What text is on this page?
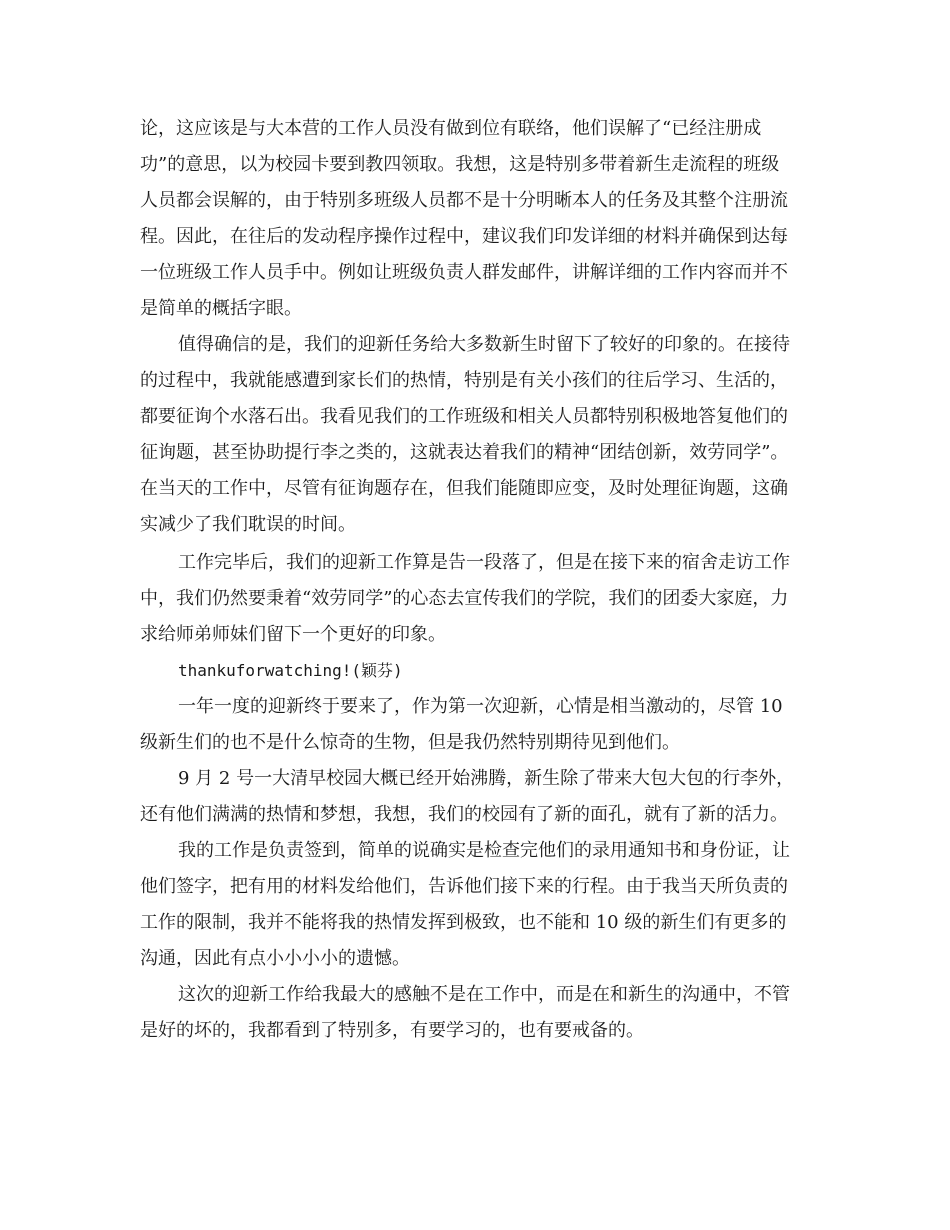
论，这应该是与大本营的工作人员没有做到位有联络，他们误解了“已经注册成
功”的意思，以为校园卡要到教四领取。我想，这是特别多带着新生走流程的班级
人员都会误解的，由于特别多班级人员都不是十分明晰本人的任务及其整个注册流
程。因此，在往后的发动程序操作过程中，建议我们印发详细的材料并确保到达每
一位班级工作人员手中。例如让班级负责人群发邮件，讲解详细的工作内容而并不
是简单的概括字眼。
值得确信的是，我们的迎新任务给大多数新生时留下了较好的印象的。在接待
的过程中，我就能感遭到家长们的热情，特别是有关小孩们的往后学习、生活的，
都要征询个水落石出。我看见我们的工作班级和相关人员都特别积极地答复他们的
征询题，甚至协助提行李之类的，这就表达着我们的精神“团结创新，效劳同学”。
在当天的工作中，尽管有征询题存在，但我们能随即应变，及时处理征询题，这确
实减少了我们耽误的时间。
工作完毕后，我们的迎新工作算是告一段落了，但是在接下来的宿舍走访工作
中，我们仍然要秉着“效劳同学”的心态去宣传我们的学院，我们的团委大家庭，力
求给师弟师妹们留下一个更好的印象。
thankuforwatching!(颖芬)
一年一度的迎新终于要来了，作为第一次迎新，心情是相当激动的，尽管 10
级新生们的也不是什么惊奇的生物，但是我仍然特别期待见到他们。
9 月 2 号一大清早校园大概已经开始沸腾，新生除了带来大包大包的行李外，
还有他们满满的热情和梦想，我想，我们的校园有了新的面孔，就有了新的活力。
我的工作是负责签到，简单的说确实是检查完他们的录用通知书和身份证，让
他们签字，把有用的材料发给他们，告诉他们接下来的行程。由于我当天所负责的
工作的限制，我并不能将我的热情发挥到极致，也不能和 10 级的新生们有更多的
沟通，因此有点小小小小的遗憾。
这次的迎新工作给我最大的感触不是在工作中，而是在和新生的沟通中，不管
是好的坏的，我都看到了特别多，有要学习的，也有要戒备的。
